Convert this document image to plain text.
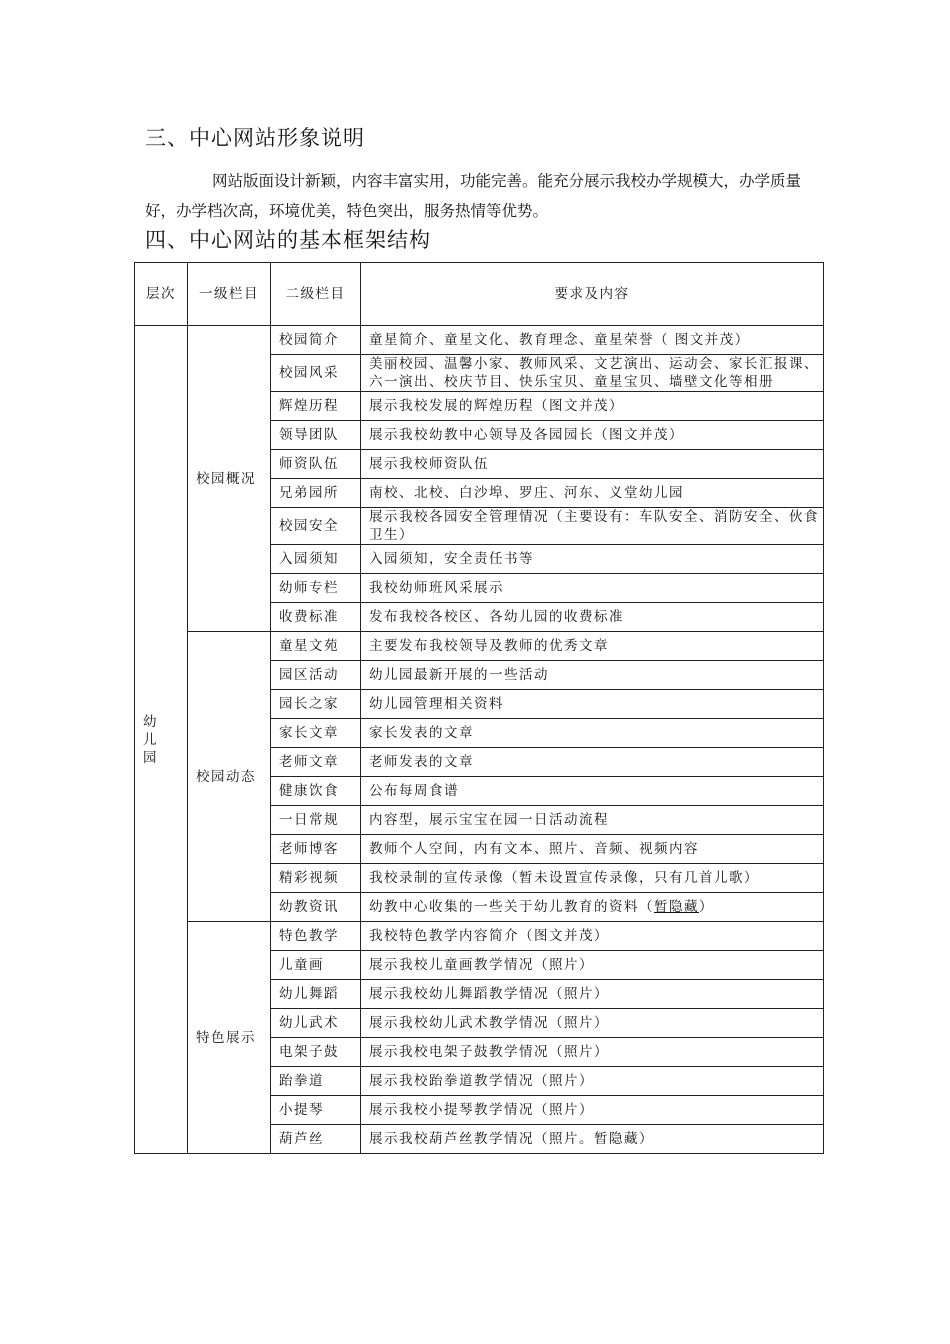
三、中心网站形象说明

网站版面设计新颖，内容丰富实用，功能完善。能充分展示我校办学规模大，办学质量好，办学档次高，环境优美，特色突出，服务热情等优势。

四、中心网站的基本框架结构
层次	一级栏目	二级栏目	要求及内容
幼
儿
园	校园概况	校园简介	童星简介、童星文化、教育理念、童星荣誉（ 图文并茂）
		校园风采	美丽校园、温馨小家、教师风采、文艺演出、运动会、家长汇报课、
六一演出、校庆节目、快乐宝贝、童星宝贝、墙壁文化等相册
		辉煌历程	展示我校发展的辉煌历程（图文并茂）
		领导团队	展示我校幼教中心领导及各园园长（图文并茂）
		师资队伍	展示我校师资队伍
		兄弟园所	南校、北校、白沙埠、罗庄、河东、义堂幼儿园
		校园安全	展示我校各园安全管理情况（主要设有：车队安全、消防安全、伙食卫生）
		入园须知	入园须知，安全责任书等
		幼师专栏	我校幼师班风采展示
		收费标准	发布我校各校区、各幼儿园的收费标准
	校园动态	童星文苑	主要发布我校领导及教师的优秀文章
		园区活动	幼儿园最新开展的一些活动
		园长之家	幼儿园管理相关资料
		家长文章	家长发表的文章
		老师文章	老师发表的文章
		健康饮食	公布每周食谱
		一日常规	内容型，展示宝宝在园一日活动流程
		老师博客	教师个人空间，内有文本、照片、音频、视频内容
		精彩视频	我校录制的宣传录像（暂未设置宣传录像，只有几首儿歌）
		幼教资讯	幼教中心收集的一些关于幼儿教育的资料（暂隐藏）
	特色展示	特色教学	我校特色教学内容简介（图文并茂）
		儿童画	展示我校儿童画教学情况（照片）
		幼儿舞蹈	展示我校幼儿舞蹈教学情况（照片）
		幼儿武术	展示我校幼儿武术教学情况（照片）
		电架子鼓	展示我校电架子鼓教学情况（照片）
		跆拳道	展示我校跆拳道教学情况（照片）
		小提琴	展示我校小提琴教学情况（照片）
		葫芦丝	展示我校葫芦丝教学情况（照片。暂隐藏）
